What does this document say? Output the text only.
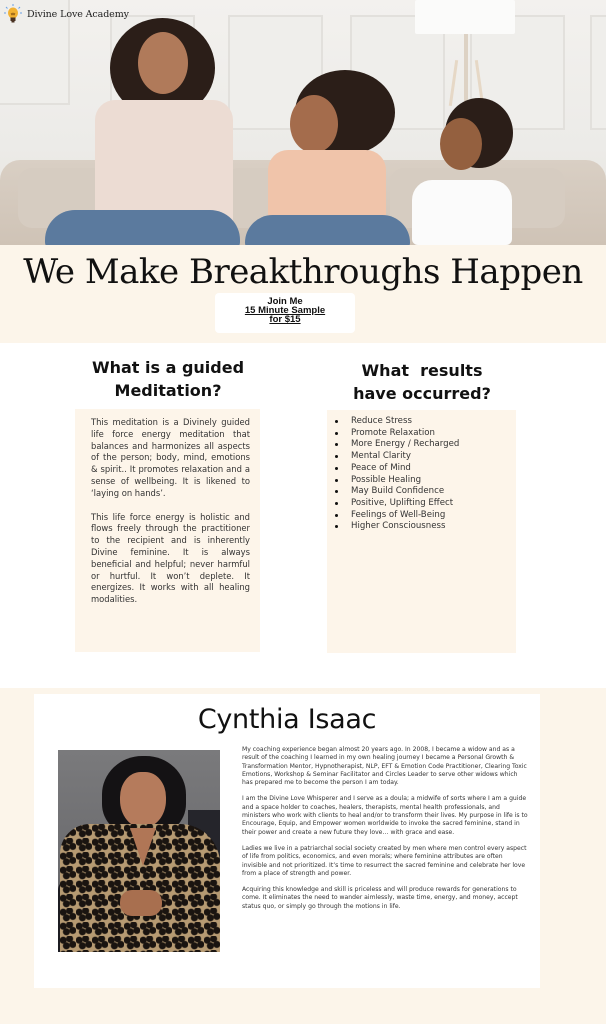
Divine Love Academy
We Make Breakthroughs Happen
Join Me
15 Minute Sample
for $15
What is a guided
Meditation?

This meditation is a Divinely guided life force energy meditation that balances and harmonizes all aspects of the person; body, mind, emotions & spirit.. It promotes relaxation and a sense of wellbeing. It is likened to ‘laying on hands’.

This life force energy is holistic and flows freely through the practitioner to the recipient and is inherently Divine feminine. It is always beneficial and helpful; never harmful or hurtful. It won’t deplete. It energizes. It works with all healing modalities.

What  results
have occurred?
Reduce Stress
Promote Relaxation
More Energy / Recharged
Mental Clarity
Peace of Mind
Possible Healing
May Build Confidence
Positive, Uplifting Effect
Feelings of Well-Being
Higher Consciousness
Cynthia Isaac

My coaching experience began almost 20 years ago. In 2008, I became a widow and as a result of the coaching I learned in my own healing journey I became a Personal Growth & Transformation Mentor, Hypnotherapist, NLP, EFT & Emotion Code Practitioner, Clearing Toxic Emotions, Workshop & Seminar Facilitator and Circles Leader to serve other widows which has prepared me to become the person I am today.

I am the Divine Love Whisperer and I serve as a doula; a midwife of sorts where I am a guide and a space holder to coaches, healers, therapists, mental health professionals, and ministers who work with clients to heal and/or to transform their lives. My purpose in life is to Encourage, Equip, and Empower women worldwide to invoke the sacred feminine, stand in their power and create a new future they love… with grace and ease.

Ladies we live in a patriarchal social society created by men where men control every aspect of life from politics, economics, and even morals; where feminine attributes are often invisible and not prioritized. It’s time to resurrect the sacred feminine and celebrate her love from a place of strength and power.

Acquiring this knowledge and skill is priceless and will produce rewards for generations to come. It eliminates the need to wander aimlessly, waste time, energy, and money, accept status quo, or simply go through the motions in life.
